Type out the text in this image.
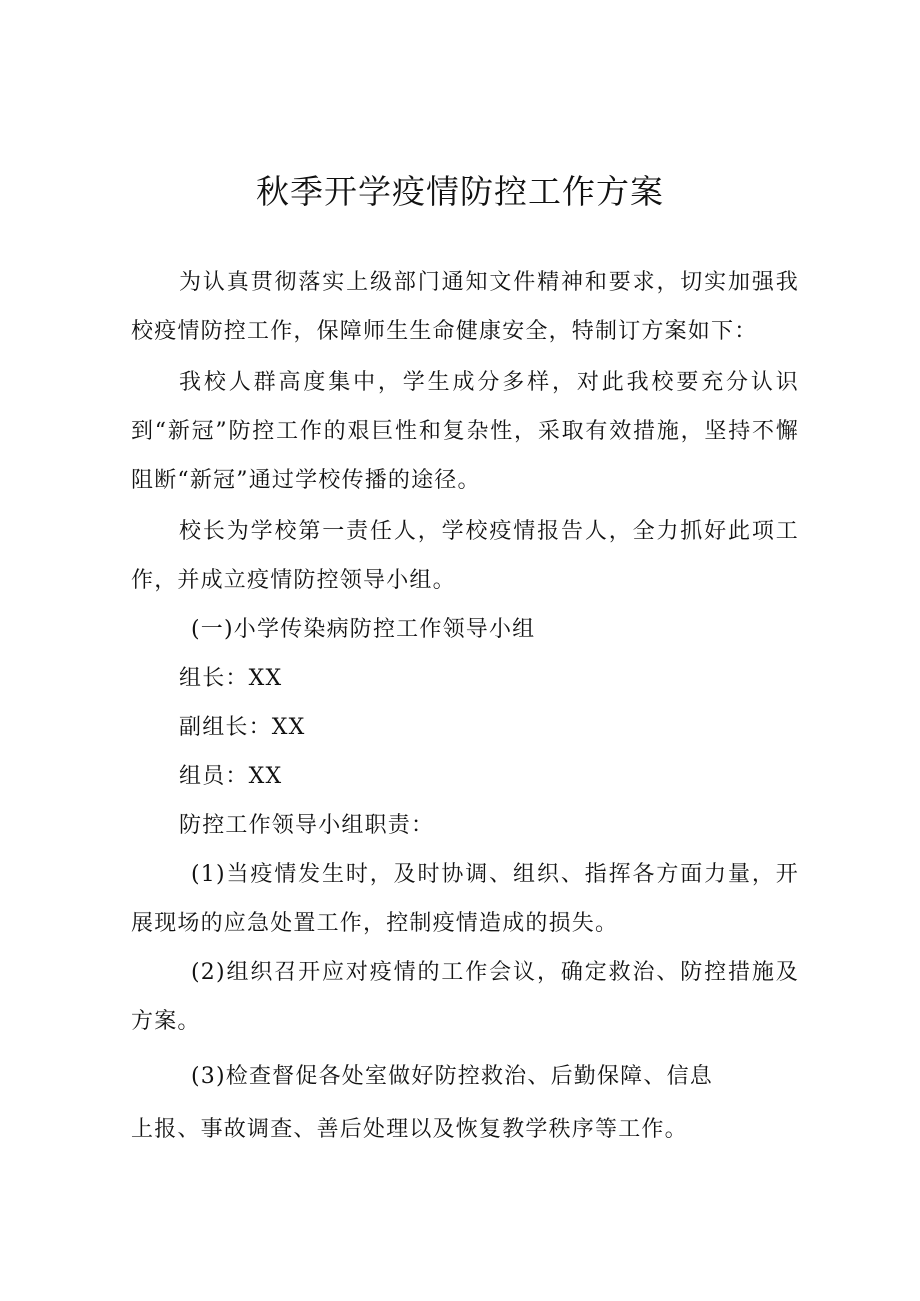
秋季开学疫情防控工作方案

为认真贯彻落实上级部门通知文件精神和要求，切实加强我校疫情防控工作，保障师生生命健康安全，特制订方案如下：

我校人群高度集中，学生成分多样，对此我校要充分认识到“新冠”防控工作的艰巨性和复杂性，采取有效措施，坚持不懈阻断“新冠”通过学校传播的途径。

校长为学校第一责任人，学校疫情报告人，全力抓好此项工作，并成立疫情防控领导小组。

(一)小学传染病防控工作领导小组

组长：XX

副组长：XX

组员：XX

防控工作领导小组职责：

(1)当疫情发生时，及时协调、组织、指挥各方面力量，开展现场的应急处置工作，控制疫情造成的损失。

(2)组织召开应对疫情的工作会议，确定救治、防控措施及方案。

(3)检查督促各处室做好防控救治、后勤保障、信息

上报、事故调查、善后处理以及恢复教学秩序等工作。
